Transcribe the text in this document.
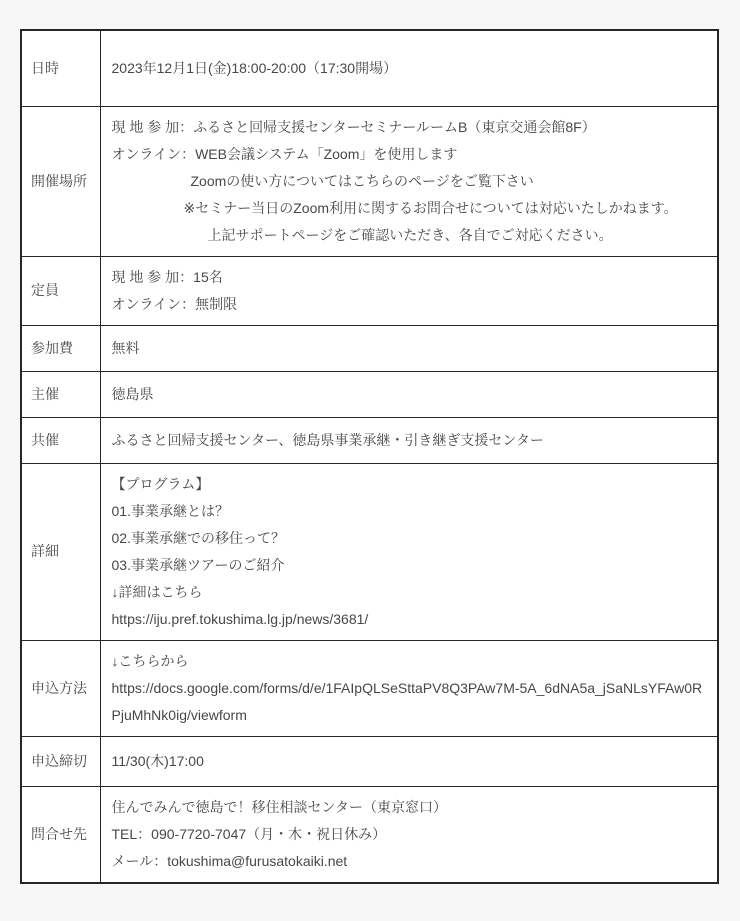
日時	2023年12月1日(金)18:00-20:00（17:30開場）

開催場所	現 地 参 加：ふるさと回帰支援センターセミナールームB（東京交通会館8F）
オンライン：WEB会議システム「Zoom」を使用します
Zoomの使い方についてはこちらのページをご覧下さい
※セミナー当日のZoom利用に関するお問合せについては対応いたしかねます。
上記サポートページをご確認いただき、各自でご対応ください。

定員	現 地 参 加：15名
オンライン：無制限

参加費	無料

主催	徳島県

共催	ふるさと回帰支援センター、徳島県事業承継・引き継ぎ支援センター

詳細	
【プログラム】
01.事業承継とは？
02.事業承継での移住って？
03.事業承継ツアーのご紹介
↓詳細はこちら
https://iju.pref.tokushima.lg.jp/news/3681/

申込方法	↓こちらから
https://docs.google.com/forms/d/e/1FAIpQLSeSttaPV8Q3PAw7M-5A_6dNA5a_jSaNLsYFAw0RPjuMhNk0ig/viewform

申込締切	11/30(木)17:00

問合せ先	住んでみんで徳島で！移住相談センター（東京窓口）
TEL：090-7720-7047（月・木・祝日休み）
メール：tokushima@furusatokaiki.net
